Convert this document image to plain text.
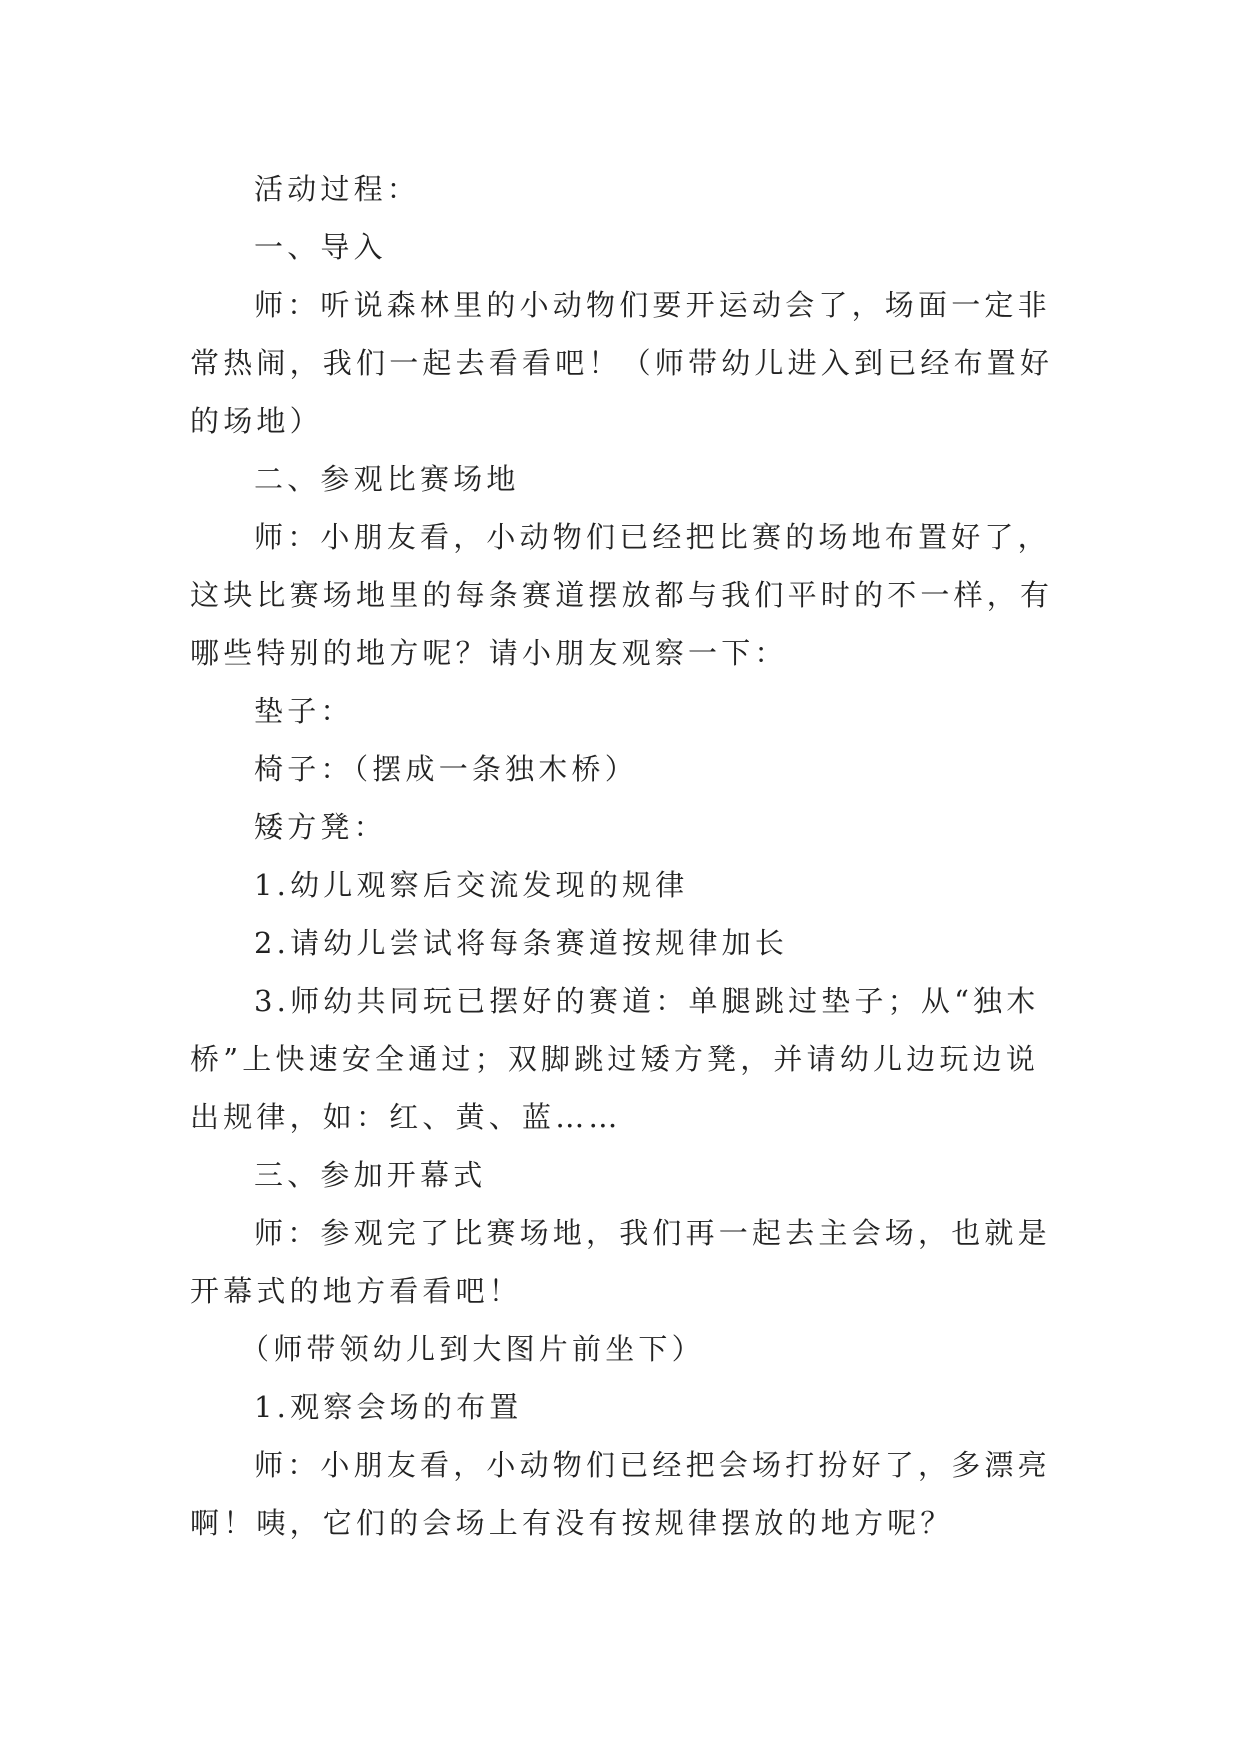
活动过程：
一、导入
师：听说森林里的小动物们要开运动会了，场面一定非
常热闹，我们一起去看看吧！（师带幼儿进入到已经布置好
的场地）
二、参观比赛场地
师：小朋友看，小动物们已经把比赛的场地布置好了，
这块比赛场地里的每条赛道摆放都与我们平时的不一样，有
哪些特别的地方呢？请小朋友观察一下：
垫子：
椅子：（摆成一条独木桥）
矮方凳：
1.幼儿观察后交流发现的规律
2.请幼儿尝试将每条赛道按规律加长
3.师幼共同玩已摆好的赛道：单腿跳过垫子；从“独木
桥”上快速安全通过；双脚跳过矮方凳，并请幼儿边玩边说
出规律，如：红、黄、蓝……
三、参加开幕式
师：参观完了比赛场地，我们再一起去主会场，也就是
开幕式的地方看看吧！
（师带领幼儿到大图片前坐下）
1.观察会场的布置
师：小朋友看，小动物们已经把会场打扮好了，多漂亮
啊！咦，它们的会场上有没有按规律摆放的地方呢？
